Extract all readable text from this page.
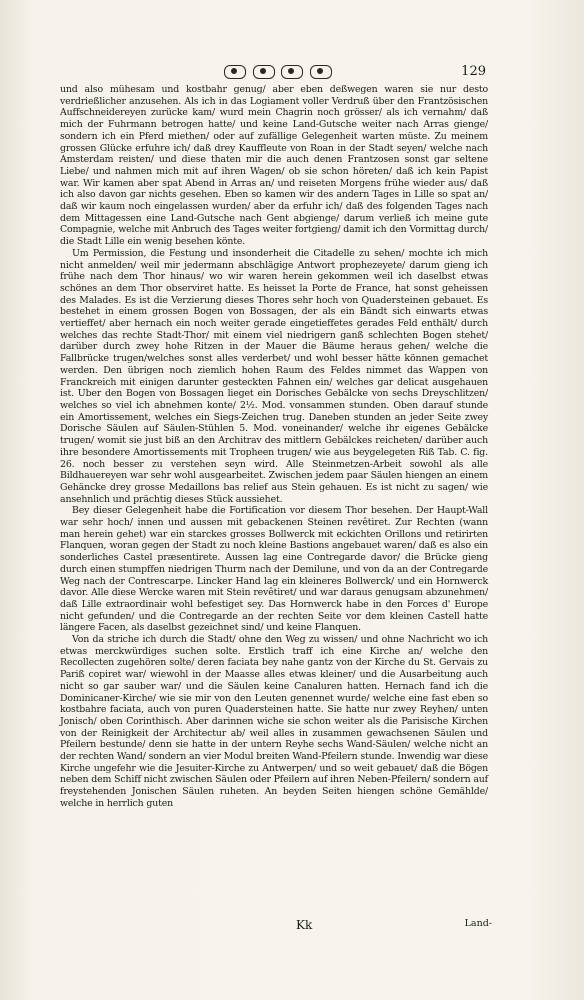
129

und also mühesam und kostbahr genug/ aber eben deßwegen waren sie nur desto verdrießlicher anzusehen. Als ich in das Logiament voller Verdruß über den Frantzösischen Auffschneidereyen zurücke kam/ wurd mein Chagrin noch grösser/ als ich vernahm/ daß mich der Fuhrmann betrogen hatte/ und keine Land-Gutsche weiter nach Arras gienge/ sondern ich ein Pferd miethen/ oder auf zufällige Gelegenheit warten müste. Zu meinem grossen Glücke erfuhre ich/ daß drey Kauffleute von Roan in der Stadt seyen/ welche nach Amsterdam reisten/ und diese thaten mir die auch denen Frantzosen sonst gar seltene Liebe/ und nahmen mich mit auf ihren Wagen/ ob sie schon höreten/ daß ich kein Papist war. Wir kamen aber spat Abend in Arras an/ und reiseten Morgens frühe wieder aus/ daß ich also davon gar nichts gesehen. Eben so kamen wir des andern Tages in Lille so spat an/ daß wir kaum noch eingelassen wurden/ aber da erfuhr ich/ daß des folgenden Tages nach dem Mittagessen eine Land-Gutsche nach Gent abgienge/ darum verließ ich meine gute Compagnie, welche mit Anbruch des Tages weiter fortgieng/ damit ich den Vormittag durch/ die Stadt Lille ein wenig besehen könte.

Um Permission, die Festung und insonderheit die Citadelle zu sehen/ mochte ich mich nicht anmelden/ weil mir jedermann abschlägige Antwort prophezeyete/ darum gieng ich frühe nach dem Thor hinaus/ wo wir waren herein gekommen weil ich daselbst etwas schönes an dem Thor observiret hatte. Es heisset la Porte de France, hat sonst geheissen des Malades. Es ist die Verzierung dieses Thores sehr hoch von Quadersteinen gebauet. Es bestehet in einem grossen Bogen von Bossagen, der als ein Bändt sich einwarts etwas vertieffet/ aber hernach ein noch weiter gerade eingetieffetes gerades Feld enthält/ durch welches das rechte Stadt-Thor/ mit einem viel niedrigern ganß schlechten Bogen stehet/ darüber durch zwey hohe Ritzen in der Mauer die Bäume heraus gehen/ welche die Fallbrücke trugen/welches sonst alles verderbet/ und wohl besser hätte können gemachet werden. Den übrigen noch ziemlich hohen Raum des Feldes nimmet das Wappen von Franckreich mit einigen darunter gesteckten Fahnen ein/ welches gar delicat ausgehauen ist. Uber den Bogen von Bossagen lieget ein Dorisches Gebälcke von sechs Dreyschlitzen/ welches so viel ich abnehmen konte/ 2½. Mod. vonsammen stunden. Oben darauf stunde ein Amortissement, welches ein Siegs-Zeichen trug. Daneben stunden an jeder Seite zwey Dorische Säulen auf Säulen-Stühlen 5. Mod. voneinander/ welche ihr eigenes Gebälcke trugen/ womit sie just biß an den Architrav des mittlern Gebälckes reicheten/ darüber auch ihre besondere Amortissements mit Tropheen trugen/ wie aus beygelegeten Riß Tab. C. fig. 26. noch besser zu verstehen seyn wird. Alle Steinmetzen-Arbeit sowohl als alle Bildhauereyen war sehr wohl ausgearbeitet. Zwischen jedem paar Säulen hiengen an einem Gehäncke drey grosse Medaillons bas relief aus Stein gehauen. Es ist nicht zu sagen/ wie ansehnlich und prächtig dieses Stück aussiehet.

Bey dieser Gelegenheit habe die Fortification vor diesem Thor besehen. Der Haupt-Wall war sehr hoch/ innen und aussen mit gebackenen Steinen revêtiret. Zur Rechten (wann man herein gehet) war ein starckes grosses Bollwerck mit eckichten Orillons und retirirten Flanquen, woran gegen der Stadt zu noch kleine Bastions angebauet waren/ daß es also ein sonderliches Castel præsentirete. Aussen lag eine Contregarde davor/ die Brücke gieng durch einen stumpffen niedrigen Thurm nach der Demilune, und von da an der Contregarde Weg nach der Contrescarpe. Lincker Hand lag ein kleineres Bollwerck/ und ein Hornwerck davor. Alle diese Wercke waren mit Stein revêtiret/ und war daraus genugsam abzunehmen/ daß Lille extraordinair wohl befestiget sey. Das Hornwerck habe in den Forces d' Europe nicht gefunden/ und die Contregarde an der rechten Seite vor dem kleinen Castell hatte längere Facen, als daselbst gezeichnet sind/ und keine Flanquen.

Von da striche ich durch die Stadt/ ohne den Weg zu wissen/ und ohne Nachricht wo ich etwas merckwürdiges suchen solte. Erstlich traff ich eine Kirche an/ welche den Recollecten zugehören solte/ deren faciata bey nahe gantz von der Kirche du St. Gervais zu Pariß copiret war/ wiewohl in der Maasse alles etwas kleiner/ und die Ausarbeitung auch nicht so gar sauber war/ und die Säulen keine Canaluren hatten. Hernach fand ich die Dominicaner-Kirche/ wie sie mir von den Leuten genennet wurde/ welche eine fast eben so kostbahre faciata, auch von puren Quadersteinen hatte. Sie hatte nur zwey Reyhen/ unten Jonisch/ oben Corinthisch. Aber darinnen wiche sie schon weiter als die Parisische Kirchen von der Reinigkeit der Architectur ab/ weil alles in zusammen gewachsenen Säulen und Pfeilern bestunde/ denn sie hatte in der untern Reyhe sechs Wand-Säulen/ welche nicht an der rechten Wand/ sondern an vier Modul breiten Wand-Pfeilern stunde. Inwendig war diese Kirche ungefehr wie die Jesuiter-Kirche zu Antwerpen/ und so weit gebauet/ daß die Bögen neben dem Schiff nicht zwischen Säulen oder Pfeilern auf ihren Neben-Pfeilern/ sondern auf freystehenden Jonischen Säulen ruheten. An beyden Seiten hiengen schöne Gemählde/ welche in herrlich guten

Kk	Land-
